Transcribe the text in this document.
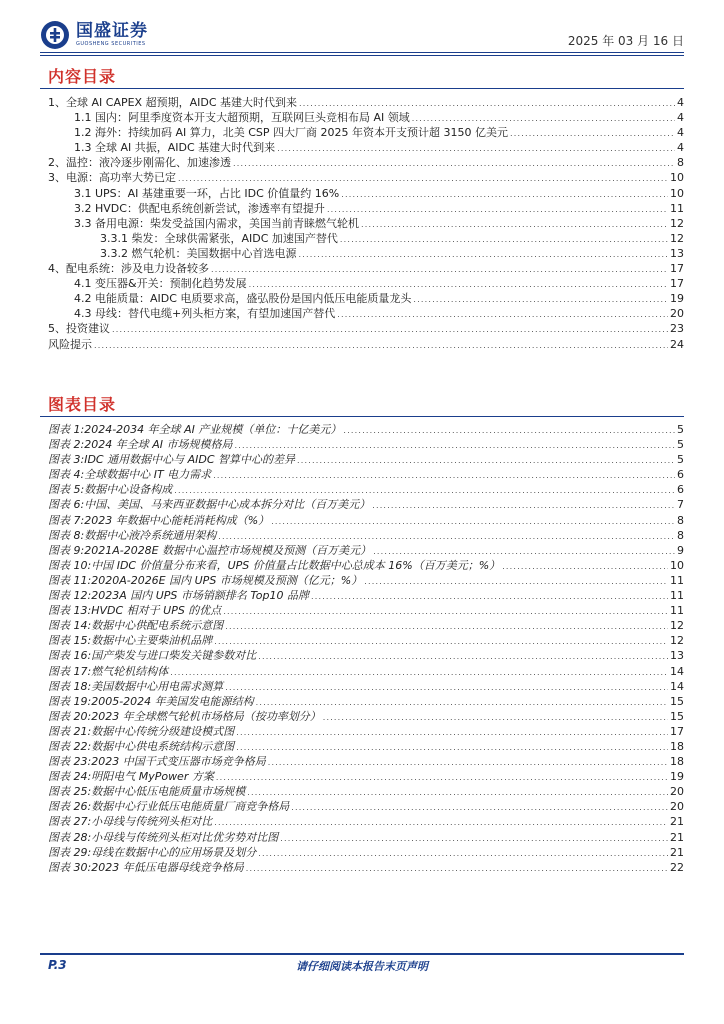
国盛证券
GUOSHENG SECURITIES	2025 年 03 月 16 日
内容目录
1、全球 AI CAPEX 超预期，AIDC 基建大时代到来 .....	4
1.1 国内：阿里季度资本开支大超预期，互联网巨头竞相布局 AI 领域 .....	4
1.2 海外：持续加码 AI 算力，北美 CSP 四大厂商 2025 年资本开支预计超 3150 亿美元 .....	4
1.3 全球 AI 共振，AIDC 基建大时代到来 .....	4
2、温控：液冷逐步刚需化、加速渗透 .....	8
3、电源：高功率大势已定 .....	10
3.1 UPS：AI 基建重要一环，占比 IDC 价值量约 16% .....	10
3.2 HVDC：供配电系统创新尝试，渗透率有望提升 .....	11
3.3 备用电源：柴发受益国内需求，美国当前青睐燃气轮机 .....	12
3.3.1 柴发：全球供需紧张，AIDC 加速国产替代 .....	12
3.3.2 燃气轮机：美国数据中心首选电源 .....	13
4、配电系统：涉及电力设备较多 .....	17
4.1 变压器&开关：预制化趋势发展 .....	17
4.2 电能质量：AIDC 电质要求高，盛弘股份是国内低压电能质量龙头 .....	19
4.3 母线：替代电缆+列头柜方案，有望加速国产替代 .....	20
5、投资建议 .....	23
风险提示 .....	24
图表目录
图表 1: 2024-2034 年全球 AI 产业规模（单位：十亿美元） .....	5
图表 2: 2024 年全球 AI 市场规模格局 .....	5
图表 3: IDC 通用数据中心与 AIDC 智算中心的差异 .....	5
图表 4: 全球数据中心 IT 电力需求 .....	6
图表 5: 数据中心设备构成 .....	6
图表 6: 中国、美国、马来西亚数据中心成本拆分对比（百万美元） .....	7
图表 7: 2023 年数据中心能耗消耗构成（%） .....	8
图表 8: 数据中心液冷系统通用架构 .....	8
图表 9: 2021A-2028E 数据中心温控市场规模及预测（百万美元） .....	9
图表 10: 中国 IDC 价值量分布来看，UPS 价值量占比数据中心总成本 16%（百万美元；%） .....	10
图表 11: 2020A-2026E 国内 UPS 市场规模及预测（亿元；%） .....	11
图表 12: 2023A 国内 UPS 市场销额排名 Top10 品牌 .....	11
图表 13: HVDC 相对于 UPS 的优点 .....	11
图表 14: 数据中心供配电系统示意图 .....	12
图表 15: 数据中心主要柴油机品牌 .....	12
图表 16: 国产柴发与进口柴发关键参数对比 .....	13
图表 17: 燃气轮机结构体 .....	14
图表 18: 美国数据中心用电需求测算 .....	14
图表 19: 2005-2024 年美国发电能源结构 .....	15
图表 20: 2023 年全球燃气轮机市场格局（按功率划分） .....	15
图表 21: 数据中心传统分级建设模式图 .....	17
图表 22: 数据中心供电系统结构示意图 .....	18
图表 23: 2023 中国干式变压器市场竞争格局 .....	18
图表 24: 明阳电气 MyPower 方案 .....	19
图表 25: 数据中心低压电能质量市场规模 .....	20
图表 26: 数据中心行业低压电能质量厂商竞争格局 .....	20
图表 27: 小母线与传统列头柜对比 .....	21
图表 28: 小母线与传统列头柜对比优劣势对比图 .....	21
图表 29: 母线在数据中心的应用场景及划分 .....	21
图表 30: 2023 年低压电器母线竞争格局 .....	22
P.3	请仔细阅读本报告末页声明
